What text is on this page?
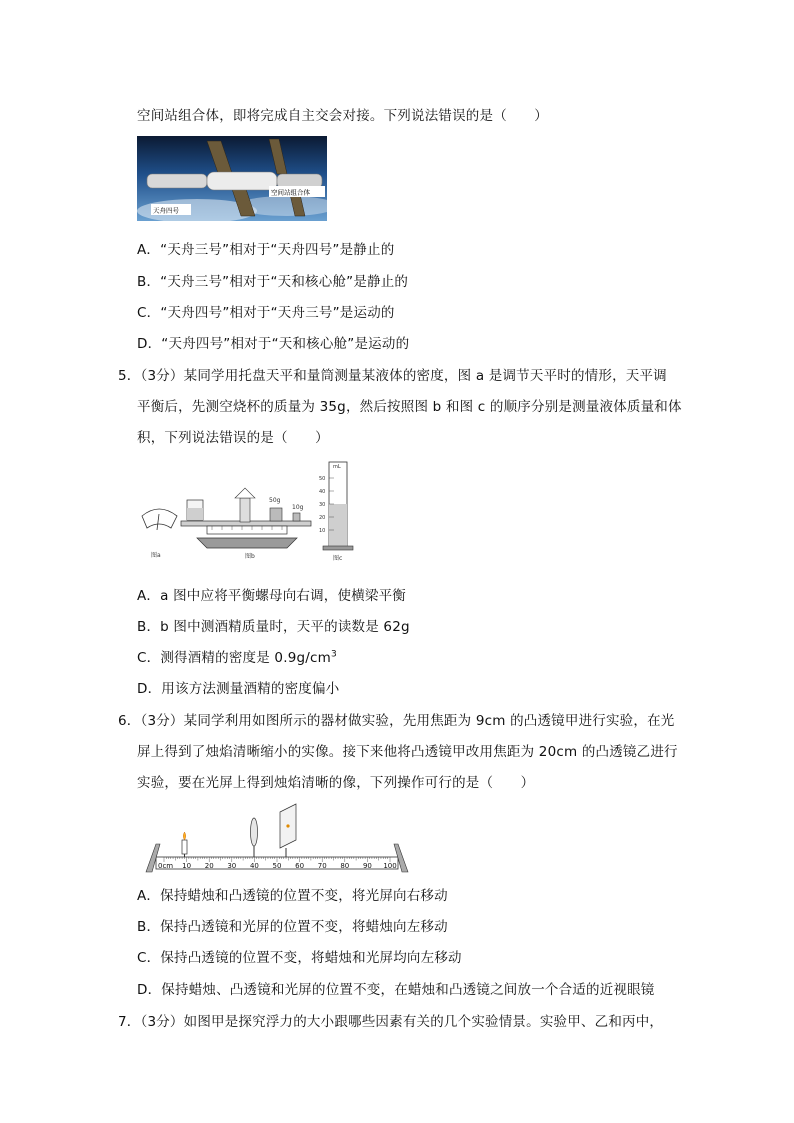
空间站组合体，即将完成自主交会对接。下列说法错误的是（　　）
天舟四号
空间站组合体
A．“天舟三号”相对于“天舟四号”是静止的
B．“天舟三号”相对于“天和核心舱”是静止的
C．“天舟四号”相对于“天舟三号”是运动的
D．“天舟四号”相对于“天和核心舱”是运动的
5．（3分）某同学用托盘天平和量筒测量某液体的密度，图 a 是调节天平时的情形，天平调
平衡后，先测空烧杯的质量为 35g，然后按照图 b 和图 c 的顺序分别是测量液体质量和体
积，下列说法错误的是（　　）
图a
50g
10g
图b
mL
50
40
30
20
10
图c
A．a 图中应将平衡螺母向右调，使横梁平衡
B．b 图中测酒精质量时，天平的读数是 62g
C．测得酒精的密度是 $0.9g/cm^3$
D．用该方法测量酒精的密度偏小
6．（3分）某同学利用如图所示的器材做实验，先用焦距为 9cm 的凸透镜甲进行实验，在光
屏上得到了烛焰清晰缩小的实像。接下来他将凸透镜甲改用焦距为 20cm 的凸透镜乙进行
实验，要在光屏上得到烛焰清晰的像，下列操作可行的是（　　）
0cm 10 20 30 40 50 60 70 80 90 100
A．保持蜡烛和凸透镜的位置不变，将光屏向右移动
B．保持凸透镜和光屏的位置不变，将蜡烛向左移动
C．保持凸透镜的位置不变，将蜡烛和光屏均向左移动
D．保持蜡烛、凸透镜和光屏的位置不变，在蜡烛和凸透镜之间放一个合适的近视眼镜
7．（3分）如图甲是探究浮力的大小跟哪些因素有关的几个实验情景。实验甲、乙和丙中，
